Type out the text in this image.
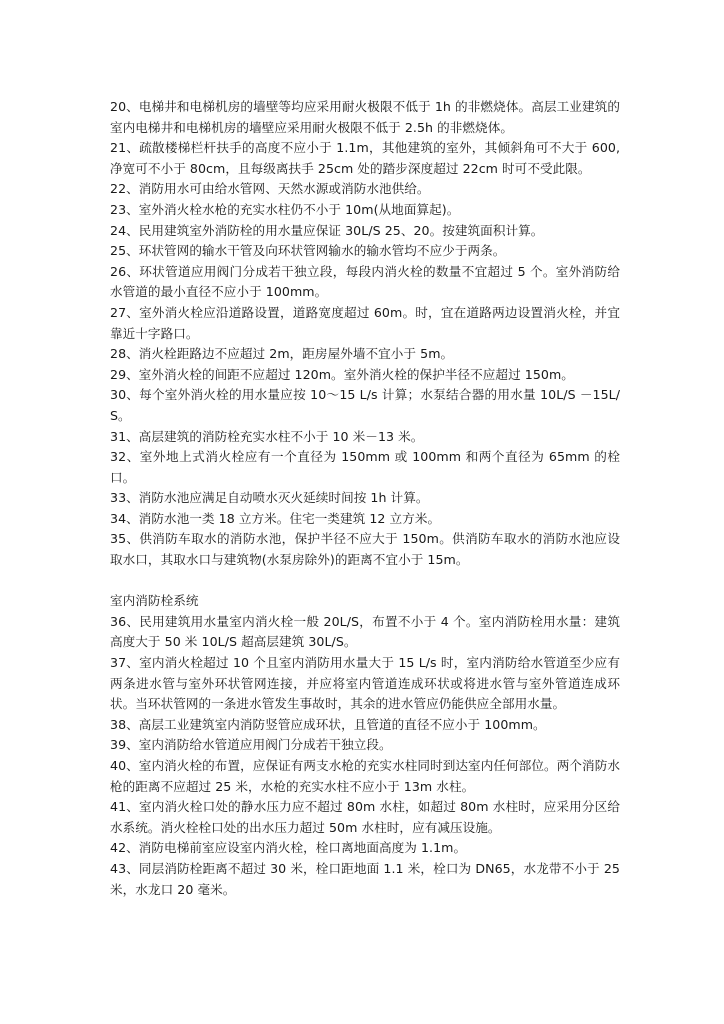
20、电梯井和电梯机房的墙壁等均应采用耐火极限不低于 1h 的非燃烧体。高层工业建筑的室内电梯井和电梯机房的墙壁应采用耐火极限不低于 2.5h 的非燃烧体。

21、疏散楼梯栏杆扶手的高度不应小于 1.1m，其他建筑的室外，其倾斜角可不大于 600,净宽可不小于 80cm，且每级离扶手 25cm 处的踏步深度超过 22cm 时可不受此限。

22、消防用水可由给水管网、天然水源或消防水池供给。

23、室外消火栓水枪的充实水柱仍不小于 10m(从地面算起)。

24、民用建筑室外消防栓的用水量应保证 30L/S 25、20。按建筑面积计算。

25、环状管网的输水干管及向环状管网输水的输水管均不应少于两条。

26、环状管道应用阀门分成若干独立段，每段内消火栓的数量不宜超过 5 个。室外消防给水管道的最小直径不应小于 100mm。

27、室外消火栓应沿道路设置，道路宽度超过 60m。时，宜在道路两边设置消火栓，并宜靠近十字路口。

28、消火栓距路边不应超过 2m，距房屋外墙不宜小于 5m。

29、室外消火栓的间距不应超过 120m。室外消火栓的保护半径不应超过 150m。

30、每个室外消火栓的用水量应按 10～15 L/s 计算；水泵结合器的用水量 10L/S －15L/S。

31、高层建筑的消防栓充实水柱不小于 10 米－13 米。

32、室外地上式消火栓应有一个直径为 150mm 或 100mm 和两个直径为 65mm 的栓口。

33、消防水池应满足自动喷水灭火延续时间按 1h 计算。

34、消防水池一类 18 立方米。住宅一类建筑 12 立方米。

35、供消防车取水的消防水池，保护半径不应大于 150m。供消防车取水的消防水池应设取水口，其取水口与建筑物(水泵房除外)的距离不宜小于 15m。

室内消防栓系统

36、民用建筑用水量室内消火栓一般 20L/S，布置不小于 4 个。室内消防栓用水量：建筑高度大于 50 米 10L/S 超高层建筑 30L/S。

37、室内消火栓超过 10 个且室内消防用水量大于 15 L/s 时，室内消防给水管道至少应有两条进水管与室外环状管网连接，并应将室内管道连成环状或将进水管与室外管道连成环状。当环状管网的一条进水管发生事故时，其余的进水管应仍能供应全部用水量。

38、高层工业建筑室内消防竖管应成环状，且管道的直径不应小于 100mm。

39、室内消防给水管道应用阀门分成若干独立段。

40、室内消火栓的布置，应保证有两支水枪的充实水柱同时到达室内任何部位。两个消防水枪的距离不应超过 25 米，水枪的充实水柱不应小于 13m 水柱。

41、室内消火栓口处的静水压力应不超过 80m 水柱，如超过 80m 水柱时，应采用分区给水系统。消火栓栓口处的出水压力超过 50m 水柱时，应有减压设施。

42、消防电梯前室应设室内消火栓，栓口离地面高度为 1.1m。

43、同层消防栓距离不超过 30 米，栓口距地面 1.1 米，栓口为 DN65，水龙带不小于 25 米，水龙口 20 毫米。
